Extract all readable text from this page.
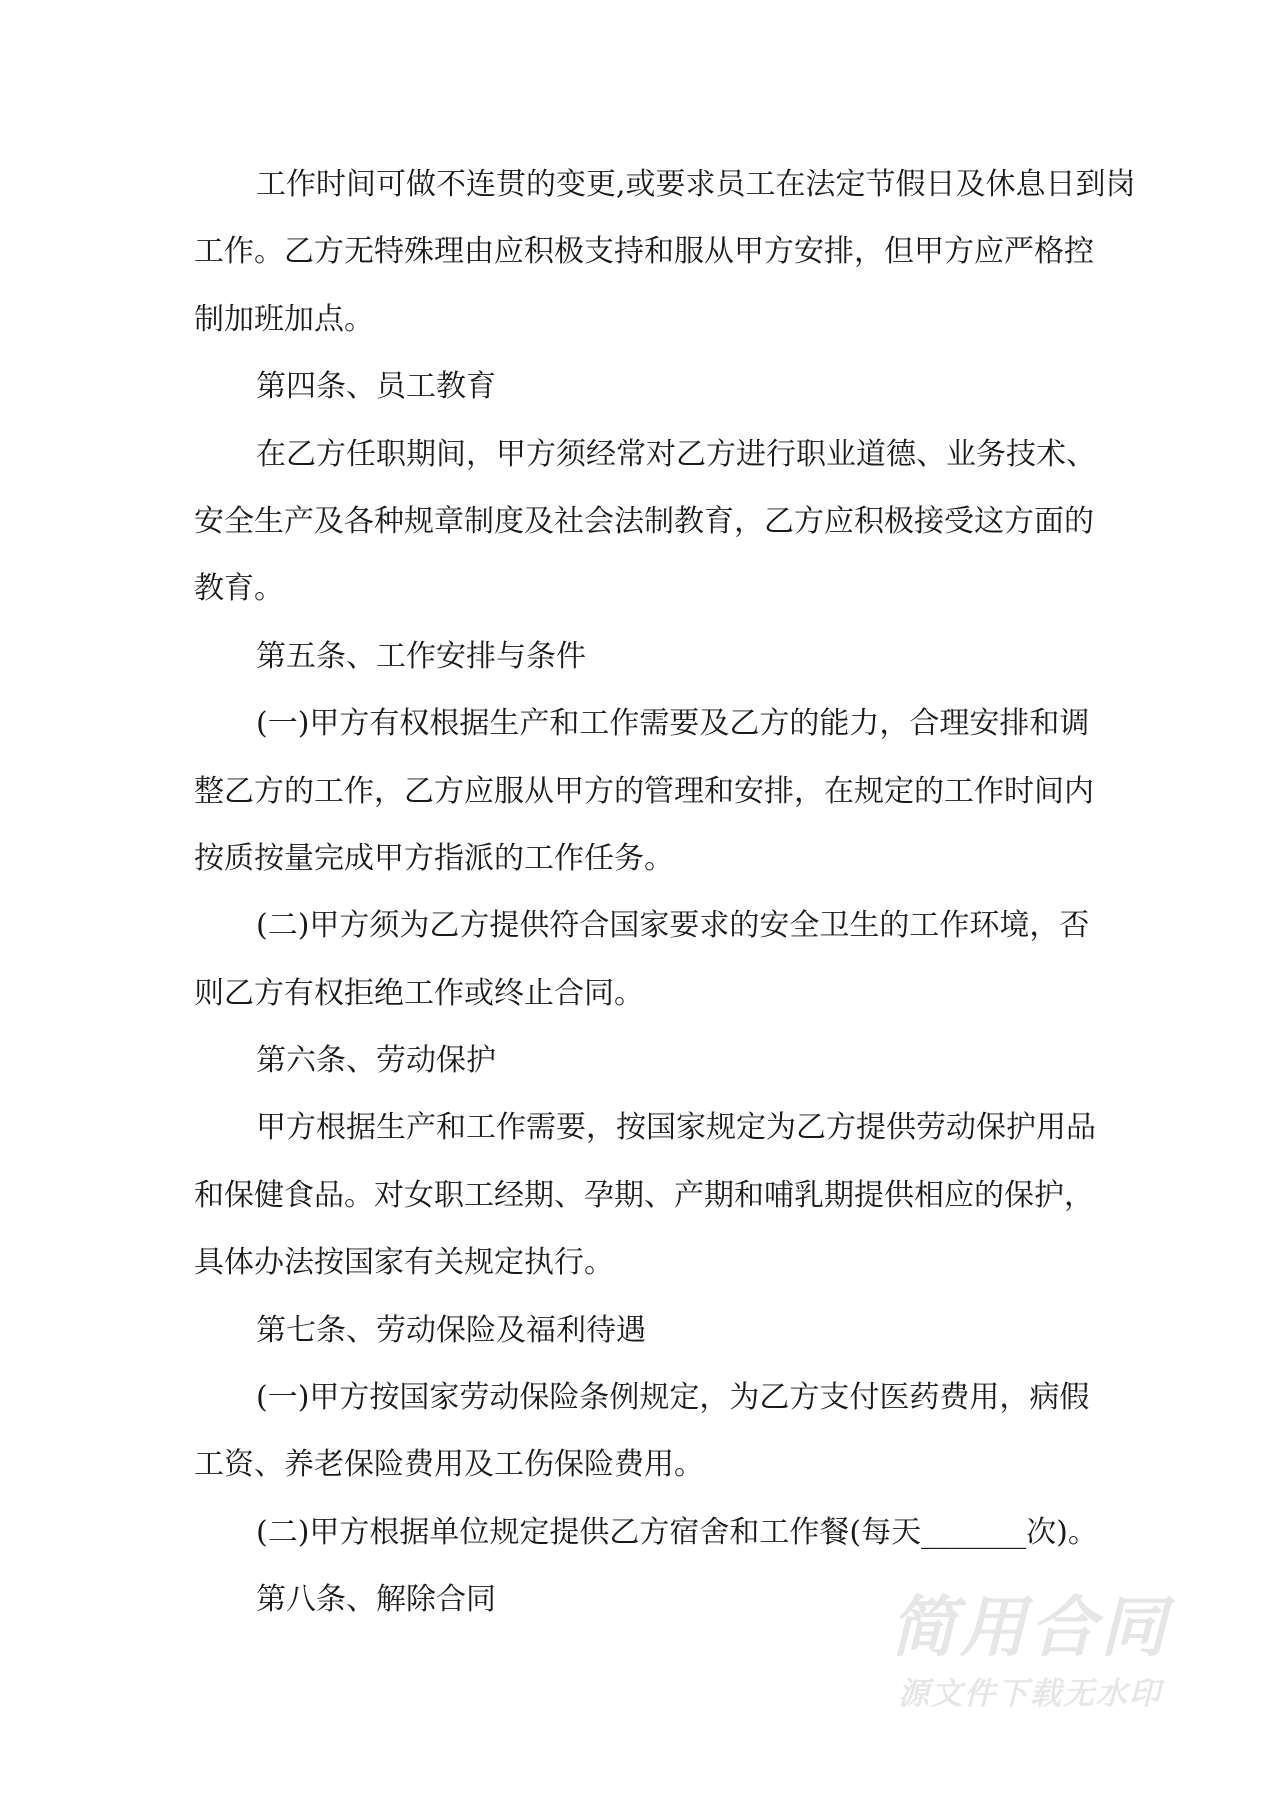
工作时间可做不连贯的变更,或要求员工在法定节假日及休息日到岗
工作。乙方无特殊理由应积极支持和服从甲方安排，但甲方应严格控
制加班加点。
第四条、员工教育
在乙方任职期间，甲方须经常对乙方进行职业道德、业务技术、
安全生产及各种规章制度及社会法制教育，乙方应积极接受这方面的
教育。
第五条、工作安排与条件
(一)甲方有权根据生产和工作需要及乙方的能力，合理安排和调
整乙方的工作，乙方应服从甲方的管理和安排，在规定的工作时间内
按质按量完成甲方指派的工作任务。
(二)甲方须为乙方提供符合国家要求的安全卫生的工作环境，否
则乙方有权拒绝工作或终止合同。
第六条、劳动保护
甲方根据生产和工作需要，按国家规定为乙方提供劳动保护用品
和保健食品。对女职工经期、孕期、产期和哺乳期提供相应的保护，
具体办法按国家有关规定执行。
第七条、劳动保险及福利待遇
(一)甲方按国家劳动保险条例规定，为乙方支付医药费用，病假
工资、养老保险费用及工伤保险费用。
(二)甲方根据单位规定提供乙方宿舍和工作餐(每天_______次)。
第八条、解除合同	简用合同
源文件下载无水印
